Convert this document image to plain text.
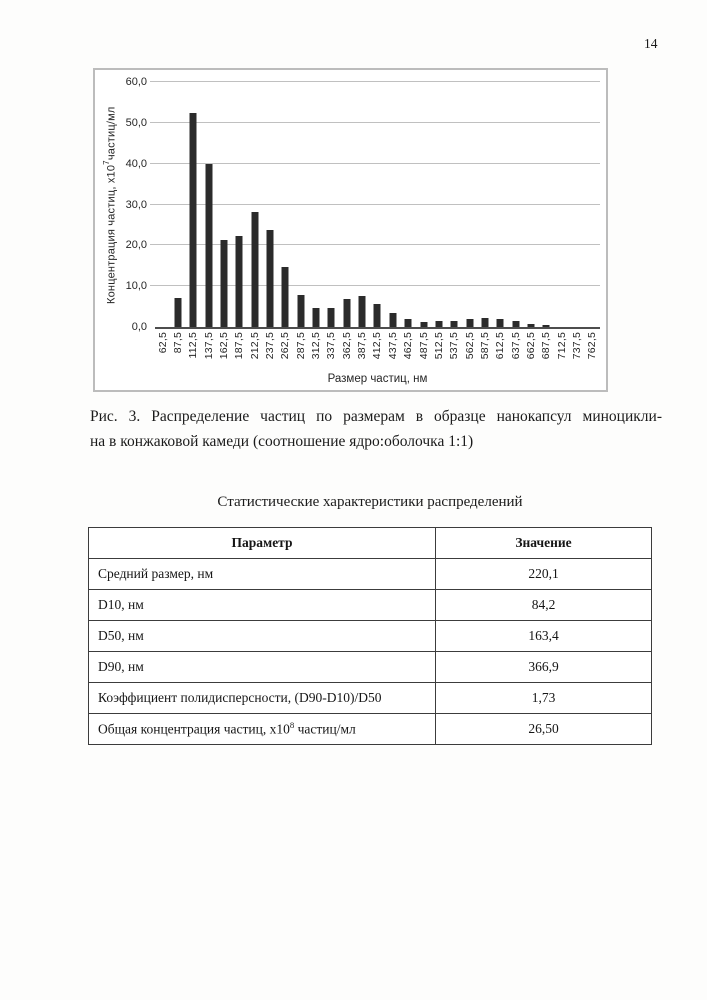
14
Концентрация частиц, $х10^7частиц/мл$
0,0
10,0
20,0
30,0
40,0
50,0
60,0
62,5 87,5 112,5 137,5 162,5 187,5 212,5 237,5 262,5 287,5 312,5 337,5 362,5 387,5 412,5 437,5 462,5 487,5 512,5 537,5 562,5 587,5 612,5 637,5 662,5 687,5 712,5 737,5 762,5
Размер частиц, нм
Рис. 3. Распределение частиц по размерам в образце нанокапсул миноцикли-
на в конжаковой камеди (соотношение ядро:оболочка 1:1)
Статистические характеристики распределений
Параметр	Значение
Средний размер, нм	220,1
D10, нм	84,2
D50, нм	163,4
D90, нм	366,9
Коэффициент полидисперсности, (D90-D10)/D50	1,73
Общая концентрация частиц, $х10^8$ частиц/мл	26,50
